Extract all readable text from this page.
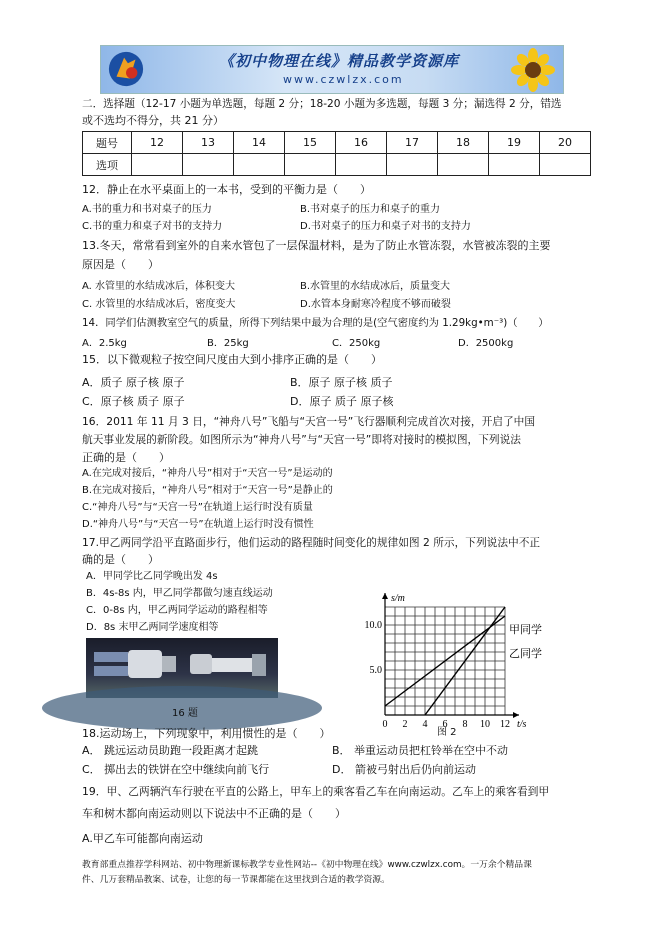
《初中物理在线》精品教学资源库
www.czwlzx.com
二．选择题（12-17 小题为单选题，每题 2 分；18-20 小题为多选题，每题 3 分；漏选得 2 分，错选
或不选均不得分，共 21 分）
题号	12	13	14	15	16	17	18	19	20
选项									
12．静止在水平桌面上的一本书，受到的平衡力是（　　）
A.书的重力和书对桌子的压力	B.书对桌子的压力和桌子的重力
C.书的重力和桌子对书的支持力	D.书对桌子的压力和桌子对书的支持力
13.冬天，常常看到室外的自来水管包了一层保温材料，是为了防止水管冻裂，水管被冻裂的主要
原因是（　　）
A. 水管里的水结成冰后，体积变大	B.水管里的水结成冰后，质量变大
C. 水管里的水结成冰后，密度变大	D.水管本身耐寒冷程度不够而破裂
14．同学们估测教室空气的质量，所得下列结果中最为合理的是(空气密度约为 1.29kg•m⁻³)（　　）
A．2.5kg	B．25kg	C．250kg	D．2500kg
15．以下微观粒子按空间尺度由大到小排序正确的是（　　）
A．质子 原子核 原子	B．原子 原子核 质子
C．原子核 质子 原子	D．原子 质子 原子核
16．2011 年 11 月 3 日，“神舟八号”飞船与“天宫一号”飞行器顺利完成首次对接，开启了中国
航天事业发展的新阶段。如图所示为“神舟八号”与“天宫一号”即将对接时的模拟图，下列说法
正确的是（　　）
A.在完成对接后，“神舟八号”相对于“天宫一号”是运动的
B.在完成对接后，“神舟八号”相对于“天宫一号”是静止的
C.“神舟八号”与“天宫一号”在轨道上运行时没有质量
D.“神舟八号”与“天宫一号”在轨道上运行时没有惯性
17.甲乙两同学沿平直路面步行，他们运动的路程随时间变化的规律如图 2 所示，下列说法中不正
确的是（　　）
A．甲同学比乙同学晚出发 4s
B．4s-8s 内，甲乙同学都做匀速直线运动
C．0-8s 内，甲乙两同学运动的路程相等
D．8s 末甲乙两同学速度相等
16 题
0 2 4 6 8 10 12
5.0
10.0
t/s
s/m
甲同学
乙同学
图 2
18.运动场上，下列现象中，利用惯性的是（　　）
A． 跳远运动员助跑一段距离才起跳	B． 举重运动员把杠铃举在空中不动
C． 掷出去的铁饼在空中继续向前飞行	D． 箭被弓射出后仍向前运动
19．甲、乙两辆汽车行驶在平直的公路上，甲车上的乘客看乙车在向南运动。乙车上的乘客看到甲
车和树木都向南运动则以下说法中不正确的是（　　）
A.甲乙车可能都向南运动
教育部重点推荐学科网站、初中物理新课标教学专业性网站--《初中物理在线》www.czwlzx.com。一万余个精品课
件、几万套精品教案、试卷，让您的每一节课都能在这里找到合适的教学资源。
